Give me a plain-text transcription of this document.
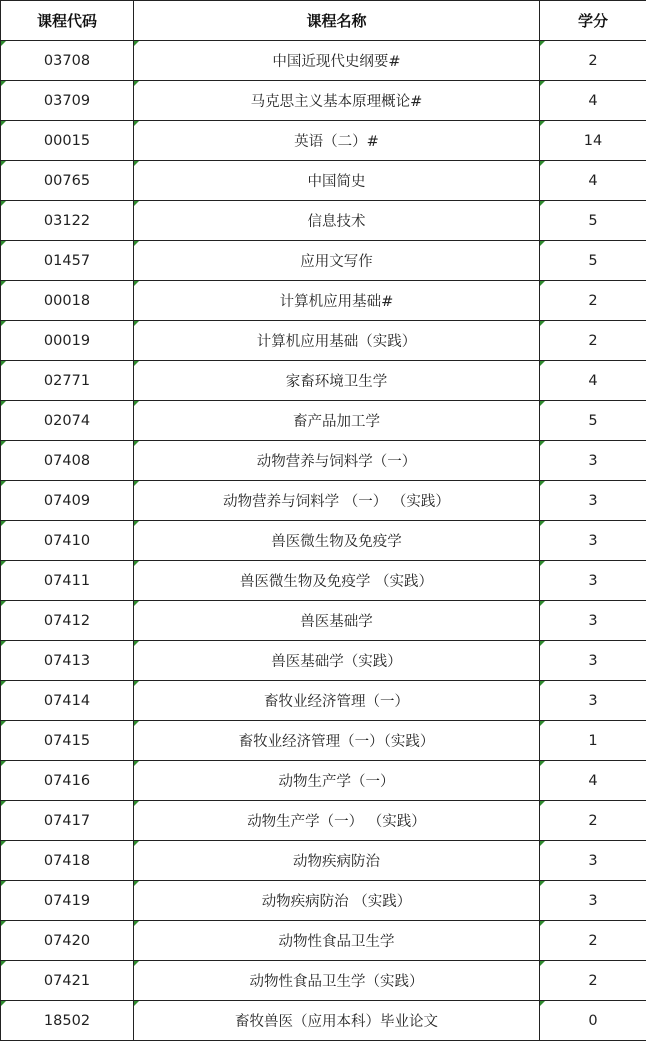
课程代码	课程名称	学分
03708	中国近现代史纲要#	2
03709	马克思主义基本原理概论#	4
00015	英语（二）#	14
00765	中国简史	4
03122	信息技术	5
01457	应用文写作	5
00018	计算机应用基础#	2
00019	计算机应用基础（实践）	2
02771	家畜环境卫生学	4
02074	畜产品加工学	5
07408	动物营养与饲料学（一）	3
07409	动物营养与饲料学 （一） （实践）	3
07410	兽医微生物及免疫学	3
07411	兽医微生物及免疫学 （实践）	3
07412	兽医基础学	3
07413	兽医基础学（实践）	3
07414	畜牧业经济管理（一）	3
07415	畜牧业经济管理（一）（实践）	1
07416	动物生产学（一）	4
07417	动物生产学（一） （实践）	2
07418	动物疾病防治	3
07419	动物疾病防治 （实践）	3
07420	动物性食品卫生学	2
07421	动物性食品卫生学（实践）	2
18502	畜牧兽医（应用本科）毕业论文	0
